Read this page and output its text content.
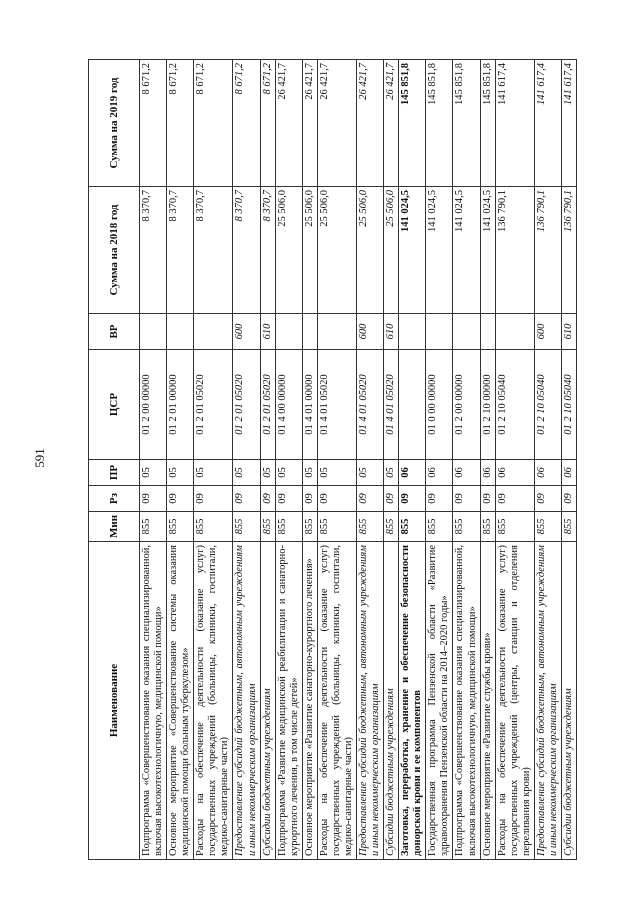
591
Наименование	Мин	Рз	ПР	ЦСР	ВР	Сумма на 2018 год	Сумма на 2019 год
Подпрограмма «Совершенствование оказания специализированной, включая высокотехнологичную, медицинской помощи»	855	09	05	01 2 00 00000		8 370,7	8 671,2
Основное мероприятие «Совершенствование системы оказания медицинской помощи больным туберкулезом»	855	09	05	01 2 01 00000		8 370,7	8 671,2
Расходы на обеспечение деятельности (оказание услуг) государственных учреждений (больницы, клиники, госпитали, медико-санитарные части)	855	09	05	01 2 01 05020		8 370,7	8 671,2
Предоставление субсидий бюджетным, автономным учреждениям и иным некоммерческим организациям	855	09	05	01 2 01 05020	600	8 370,7	8 671,2
Субсидии бюджетным учреждениям	855	09	05	01 2 01 05020	610	8 370,7	8 671,2
Подпрограмма «Развитие медицинской реабилитации и санаторно-курортного лечения, в том числе детей»	855	09	05	01 4 00 00000		25 506,0	26 421,7
Основное мероприятие «Развитие санаторно-курортного лечения»	855	09	05	01 4 01 00000		25 506,0	26 421,7
Расходы на обеспечение деятельности (оказание услуг) государственных учреждений (больницы, клиники, госпитали, медико-санитарные части)	855	09	05	01 4 01 05020		25 506,0	26 421,7
Предоставление субсидий бюджетным, автономным учреждениям и иным некоммерческим организациям	855	09	05	01 4 01 05020	600	25 506,0	26 421,7
Субсидии бюджетным учреждениям	855	09	05	01 4 01 05020	610	25 506,0	26 421,7
Заготовка, переработка, хранение и обеспечение безопасности донорской крови и ее компонентов	855	09	06			141 024,5	145 851,8
Государственная программа Пензенской области «Развитие здравоохранения Пензенской области на 2014–2020 годы»	855	09	06	01 0 00 00000		141 024,5	145 851,8
Подпрограмма «Совершенствование оказания специализированной, включая высокотехнологичную, медицинской помощи»	855	09	06	01 2 00 00000		141 024,5	145 851,8
Основное мероприятие «Развитие службы крови»	855	09	06	01 2 10 00000		141 024,5	145 851,8
Расходы на обеспечение деятельности (оказание услуг) государственных учреждений (центры, станции и отделения переливания крови)	855	09	06	01 2 10 05040		136 790,1	141 617,4
Предоставление субсидий бюджетным, автономным учреждениям и иным некоммерческим организациям	855	09	06	01 2 10 05040	600	136 790,1	141 617,4
Субсидии бюджетным учреждениям	855	09	06	01 2 10 05040	610	136 790,1	141 617,4
